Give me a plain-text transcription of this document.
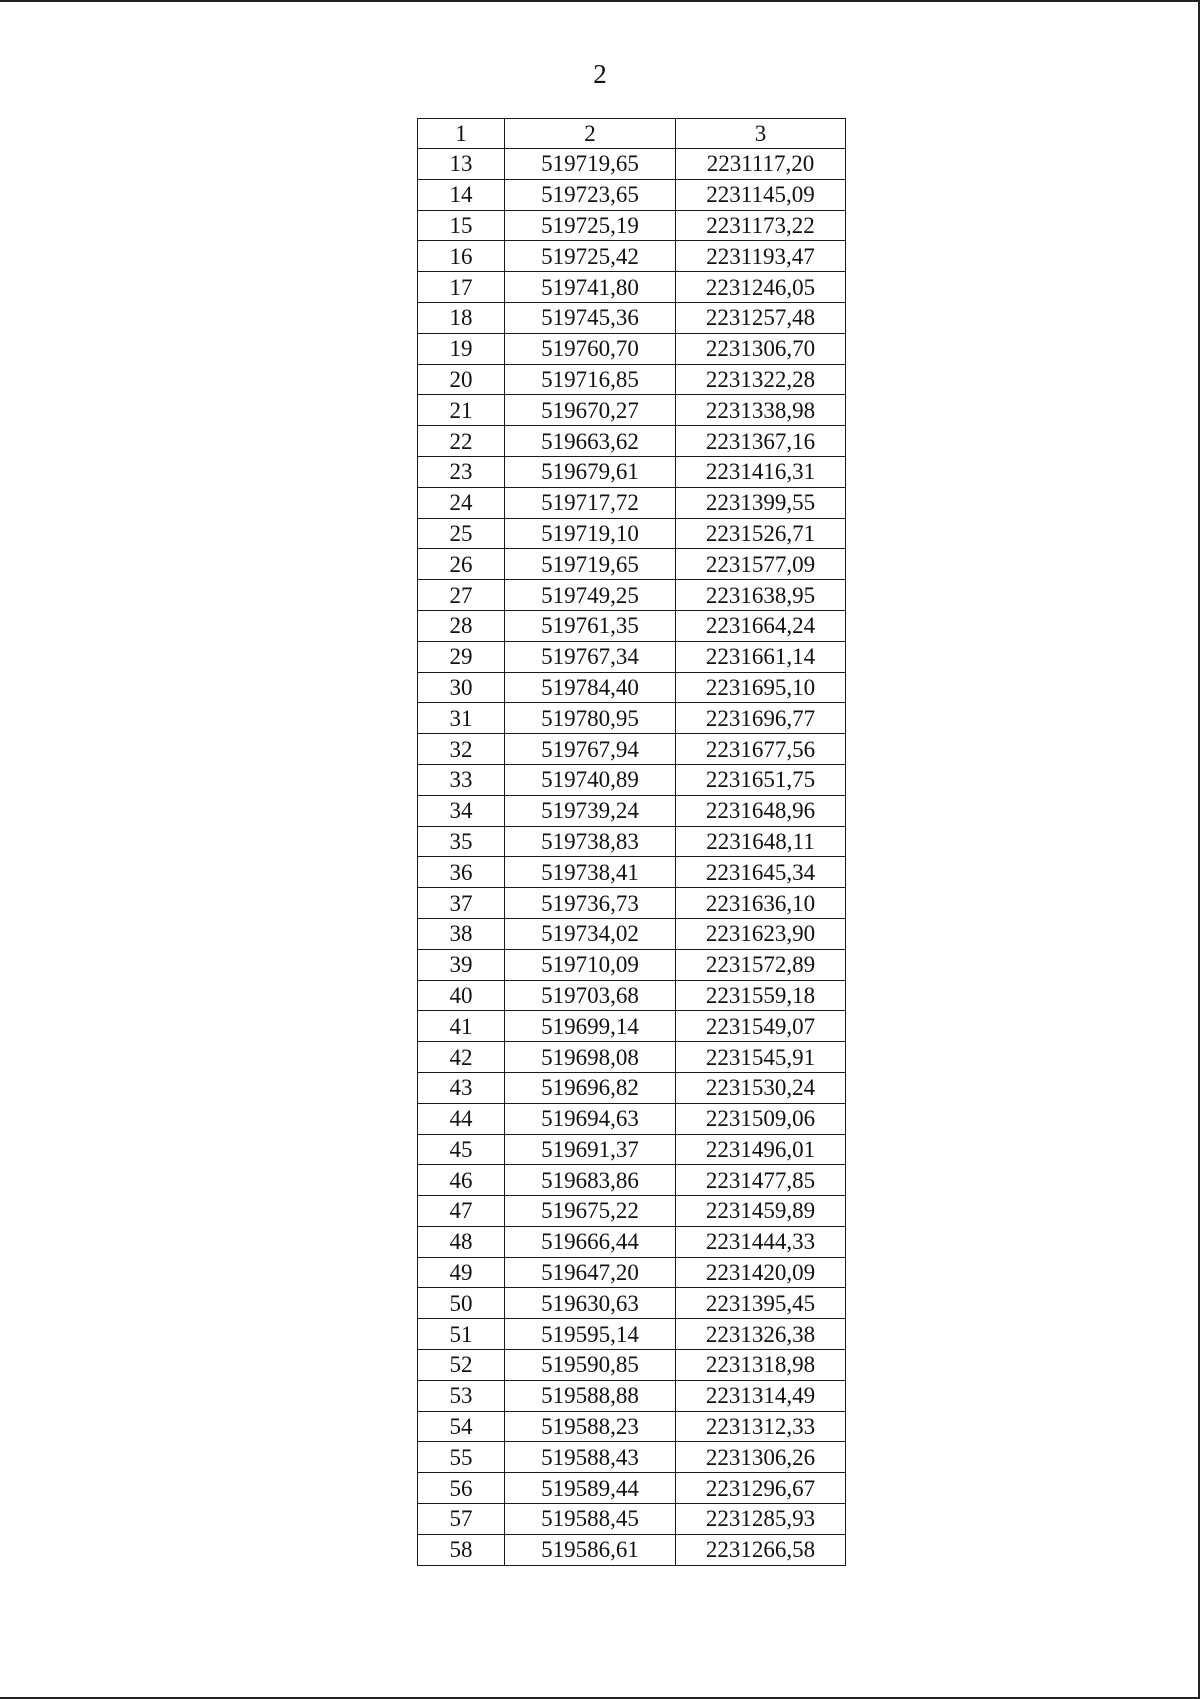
2
1	2	3
13	519719,65	2231117,20
14	519723,65	2231145,09
15	519725,19	2231173,22
16	519725,42	2231193,47
17	519741,80	2231246,05
18	519745,36	2231257,48
19	519760,70	2231306,70
20	519716,85	2231322,28
21	519670,27	2231338,98
22	519663,62	2231367,16
23	519679,61	2231416,31
24	519717,72	2231399,55
25	519719,10	2231526,71
26	519719,65	2231577,09
27	519749,25	2231638,95
28	519761,35	2231664,24
29	519767,34	2231661,14
30	519784,40	2231695,10
31	519780,95	2231696,77
32	519767,94	2231677,56
33	519740,89	2231651,75
34	519739,24	2231648,96
35	519738,83	2231648,11
36	519738,41	2231645,34
37	519736,73	2231636,10
38	519734,02	2231623,90
39	519710,09	2231572,89
40	519703,68	2231559,18
41	519699,14	2231549,07
42	519698,08	2231545,91
43	519696,82	2231530,24
44	519694,63	2231509,06
45	519691,37	2231496,01
46	519683,86	2231477,85
47	519675,22	2231459,89
48	519666,44	2231444,33
49	519647,20	2231420,09
50	519630,63	2231395,45
51	519595,14	2231326,38
52	519590,85	2231318,98
53	519588,88	2231314,49
54	519588,23	2231312,33
55	519588,43	2231306,26
56	519589,44	2231296,67
57	519588,45	2231285,93
58	519586,61	2231266,58
